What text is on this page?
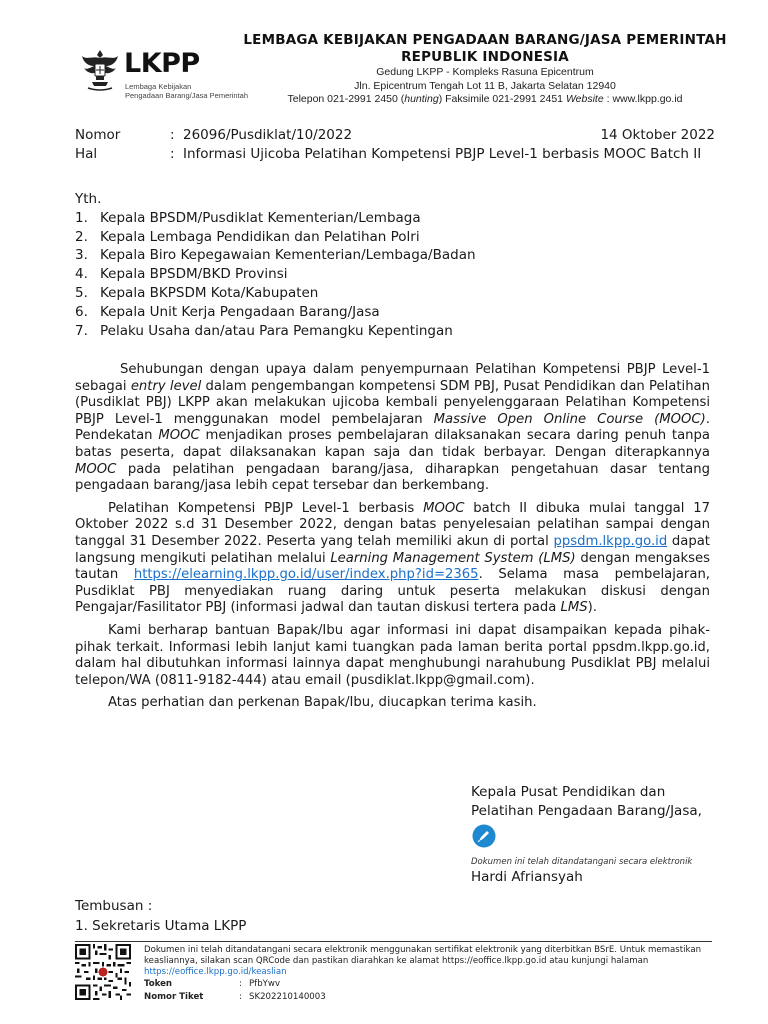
LKPP
Lembaga Kebijakan
Pengadaan Barang/Jasa Pemerintah
LEMBAGA KEBIJAKAN PENGADAAN BARANG/JASA PEMERINTAH
REPUBLIK INDONESIA
Gedung LKPP - Kompleks Rasuna Epicentrum
Jln. Epicentrum Tengah Lot 11 B, Jakarta Selatan 12940
Telepon 021-2991 2450 (hunting) Faksimile 021-2991 2451 Website : www.lkpp.go.id
Nomor	: 26096/Pusdiklat/10/2022	14 Oktober 2022
Hal	: Informasi Ujicoba Pelatihan Kompetensi PBJP Level-1 berbasis MOOC Batch II
Yth.
1. Kepala BPSDM/Pusdiklat Kementerian/Lembaga
2. Kepala Lembaga Pendidikan dan Pelatihan Polri
3. Kepala Biro Kepegawaian Kementerian/Lembaga/Badan
4. Kepala BPSDM/BKD Provinsi
5. Kepala BKPSDM Kota/Kabupaten
6. Kepala Unit Kerja Pengadaan Barang/Jasa
7. Pelaku Usaha dan/atau Para Pemangku Kepentingan

Sehubungan dengan upaya dalam penyempurnaan Pelatihan Kompetensi PBJP Level-1 sebagai entry level dalam pengembangan kompetensi SDM PBJ, Pusat Pendidikan dan Pelatihan (Pusdiklat PBJ) LKPP akan melakukan ujicoba kembali penyelenggaraan Pelatihan Kompetensi PBJP Level-1 menggunakan model pembelajaran Massive Open Online Course (MOOC). Pendekatan MOOC menjadikan proses pembelajaran dilaksanakan secara daring penuh tanpa batas peserta, dapat dilaksanakan kapan saja dan tidak berbayar. Dengan diterapkannya MOOC pada pelatihan pengadaan barang/jasa, diharapkan pengetahuan dasar tentang pengadaan barang/jasa lebih cepat tersebar dan berkembang.

Pelatihan Kompetensi PBJP Level-1 berbasis MOOC batch II dibuka mulai tanggal 17 Oktober 2022 s.d 31 Desember 2022, dengan batas penyelesaian pelatihan sampai dengan tanggal 31 Desember 2022. Peserta yang telah memiliki akun di portal ppsdm.lkpp.go.id dapat langsung mengikuti pelatihan melalui Learning Management System (LMS) dengan mengakses tautan https://elearning.lkpp.go.id/user/index.php?id=2365. Selama masa pembelajaran, Pusdiklat PBJ menyediakan ruang daring untuk peserta melakukan diskusi dengan Pengajar/Fasilitator PBJ (informasi jadwal dan tautan diskusi tertera pada LMS).

Kami berharap bantuan Bapak/Ibu agar informasi ini dapat disampaikan kepada pihak-pihak terkait. Informasi lebih lanjut kami tuangkan pada laman berita portal ppsdm.lkpp.go.id, dalam hal dibutuhkan informasi lainnya dapat menghubungi narahubung Pusdiklat PBJ melalui telepon/WA (0811-9182-444) atau email (pusdiklat.lkpp@gmail.com).

Atas perhatian dan perkenan Bapak/Ibu, diucapkan terima kasih.

Kepala Pusat Pendidikan dan
Pelatihan Pengadaan Barang/Jasa,
Dokumen ini telah ditandatangani secara elektronik
Hardi Afriansyah
Tembusan :
1. Sekretaris Utama LKPP
Dokumen ini telah ditandatangani secara elektronik menggunakan sertifikat elektronik yang diterbitkan BSrE. Untuk memastikan keasliannya, silakan scan QRCode dan pastikan diarahkan ke alamat https://eoffice.lkpp.go.id atau kunjungi halaman
https://eoffice.lkpp.go.id/keaslian
Token	: PfbYwv
Nomor Tiket	: SK202210140003
